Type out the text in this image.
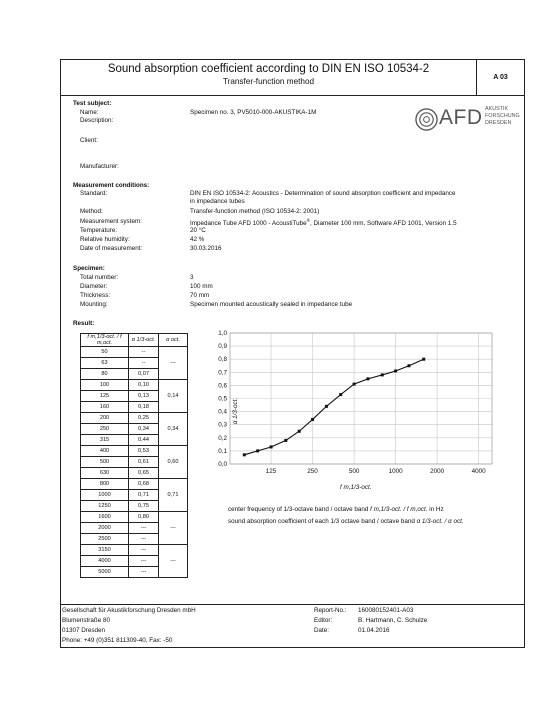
Sound absorption coefficient according to DIN EN ISO 10534-2
Transfer-function method	A 03
AFD AKUSTIK
FORSCHUNG
DRESDEN
Test subject:
Name:	Specimen no. 3, PV5010-000-AKUSTIKA-1M
Description:
Client:
Manufacturer:
Measurement conditions:
Standard:	DIN EN ISO 10534-2: Acoustics - Determination of sound absorption coefficient and impedance
in impedance tubes
Method:	Transfer-function method (ISO 10534-2: 2001)
Measurement system:	Impedance Tube AFD 1000 - AcoustiTube®, Diameter 100 mm, Software AFD 1001, Version 1.5
Temperature:	20 °C
Relative humidity:	42 %
Date of measurement:	30.03.2016
Specimen:
Total number:	3
Diameter:	100 mm
Thickness:	70 mm
Mounting:	Specimen mounted acoustically sealed in impedance tube
Result:
f m,1/3-oct. / f m,oct.	α 1/3-oct.	α oct.
50	--	---
63	--	
80	0,07	
100	0,10	0,14
125	0,13	
160	0,18	
200	0,25	0,34
250	0,34	
315	0,44	
400	0,53	0,60
500	0,61	
630	0,65	
800	0,68	0,71
1000	0,71	
1250	0,75	
1600	0,80	---
2000	---	
2500	---	
3150	---	---
4000	---	
5000	---	
0,0
0,1
0,2
0,3
0,4
0,5
0,6
0,7
0,8
0,9
1,0
125	250	500	1000	2000	4000
α 1/3-oct.
f m,1/3-oct.
center frequency of 1/3-octave band / octave band f m,1/3-oct. / f m,oct. in Hz
sound absorption coefficient of each 1/3 octave band / octave band α 1/3-oct. / α oct.
Gesellschaft für Akustikforschung Dresden mbH
Blumenstraße 80
01307 Dresden
Phone: +49 (0)351 811309-40, Fax: -50
Report-No.: 160080152401-A03
Editor:	B. Hartmann, C. Schulze
Date:	01.04.2016
